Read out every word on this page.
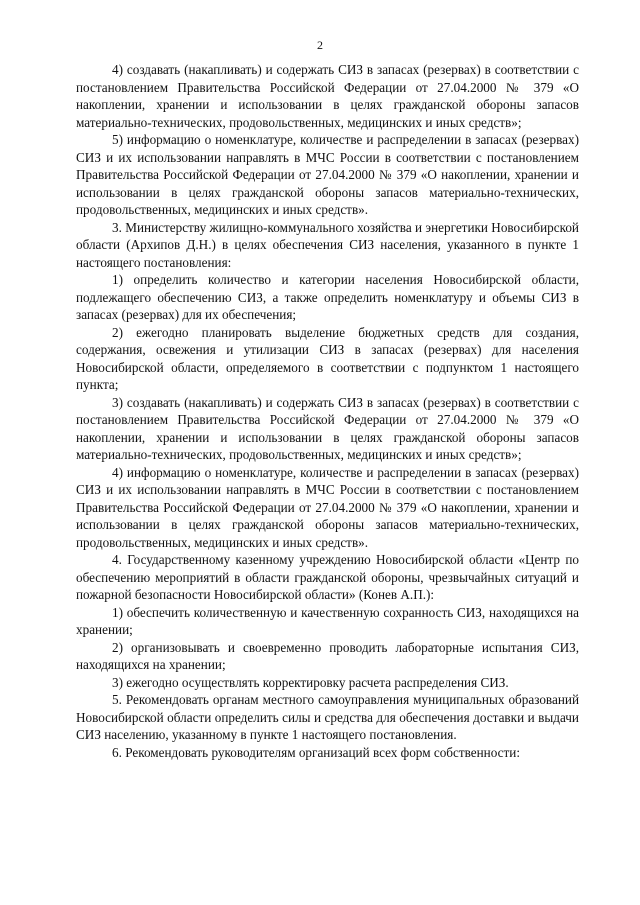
2

4) создавать (накапливать) и содержать СИЗ в запасах (резервах) в соответствии с постановлением Правительства Российской Федерации от 27.04.2000 № 379 «О накоплении, хранении и использовании в целях гражданской обороны запасов материально-технических, продовольственных, медицинских и иных средств»;

5) информацию о номенклатуре, количестве и распределении в запасах (резервах) СИЗ и их использовании направлять в МЧС России в соответствии с постановлением Правительства Российской Федерации от 27.04.2000 № 379 «О накоплении, хранении и использовании в целях гражданской обороны запасов материально-технических, продовольственных, медицинских и иных средств».

3. Министерству жилищно-коммунального хозяйства и энергетики Новосибирской области (Архипов Д.Н.) в целях обеспечения СИЗ населения, указанного в пункте 1 настоящего постановления:

1) определить количество и категории населения Новосибирской области, подлежащего обеспечению СИЗ, а также определить номенклатуру и объемы СИЗ в запасах (резервах) для их обеспечения;

2) ежегодно планировать выделение бюджетных средств для создания, содержания, освежения и утилизации СИЗ в запасах (резервах) для населения Новосибирской области, определяемого в соответствии с подпунктом 1 настоящего пункта;

3) создавать (накапливать) и содержать СИЗ в запасах (резервах) в соответствии с постановлением Правительства Российской Федерации от 27.04.2000 № 379 «О накоплении, хранении и использовании в целях гражданской обороны запасов материально-технических, продовольственных, медицинских и иных средств»;

4) информацию о номенклатуре, количестве и распределении в запасах (резервах) СИЗ и их использовании направлять в МЧС России в соответствии с постановлением Правительства Российской Федерации от 27.04.2000 № 379 «О накоплении, хранении и использовании в целях гражданской обороны запасов материально-технических, продовольственных, медицинских и иных средств».

4. Государственному казенному учреждению Новосибирской области «Центр по обеспечению мероприятий в области гражданской обороны, чрезвычайных ситуаций и пожарной безопасности Новосибирской области» (Конев А.П.):

1) обеспечить количественную и качественную сохранность СИЗ, находящихся на хранении;

2) организовывать и своевременно проводить лабораторные испытания СИЗ, находящихся на хранении;

3) ежегодно осуществлять корректировку расчета распределения СИЗ.

5. Рекомендовать органам местного самоуправления муниципальных образований Новосибирской области определить силы и средства для обеспечения доставки и выдачи СИЗ населению, указанному в пункте 1 настоящего постановления.

6. Рекомендовать руководителям организаций всех форм собственности:
